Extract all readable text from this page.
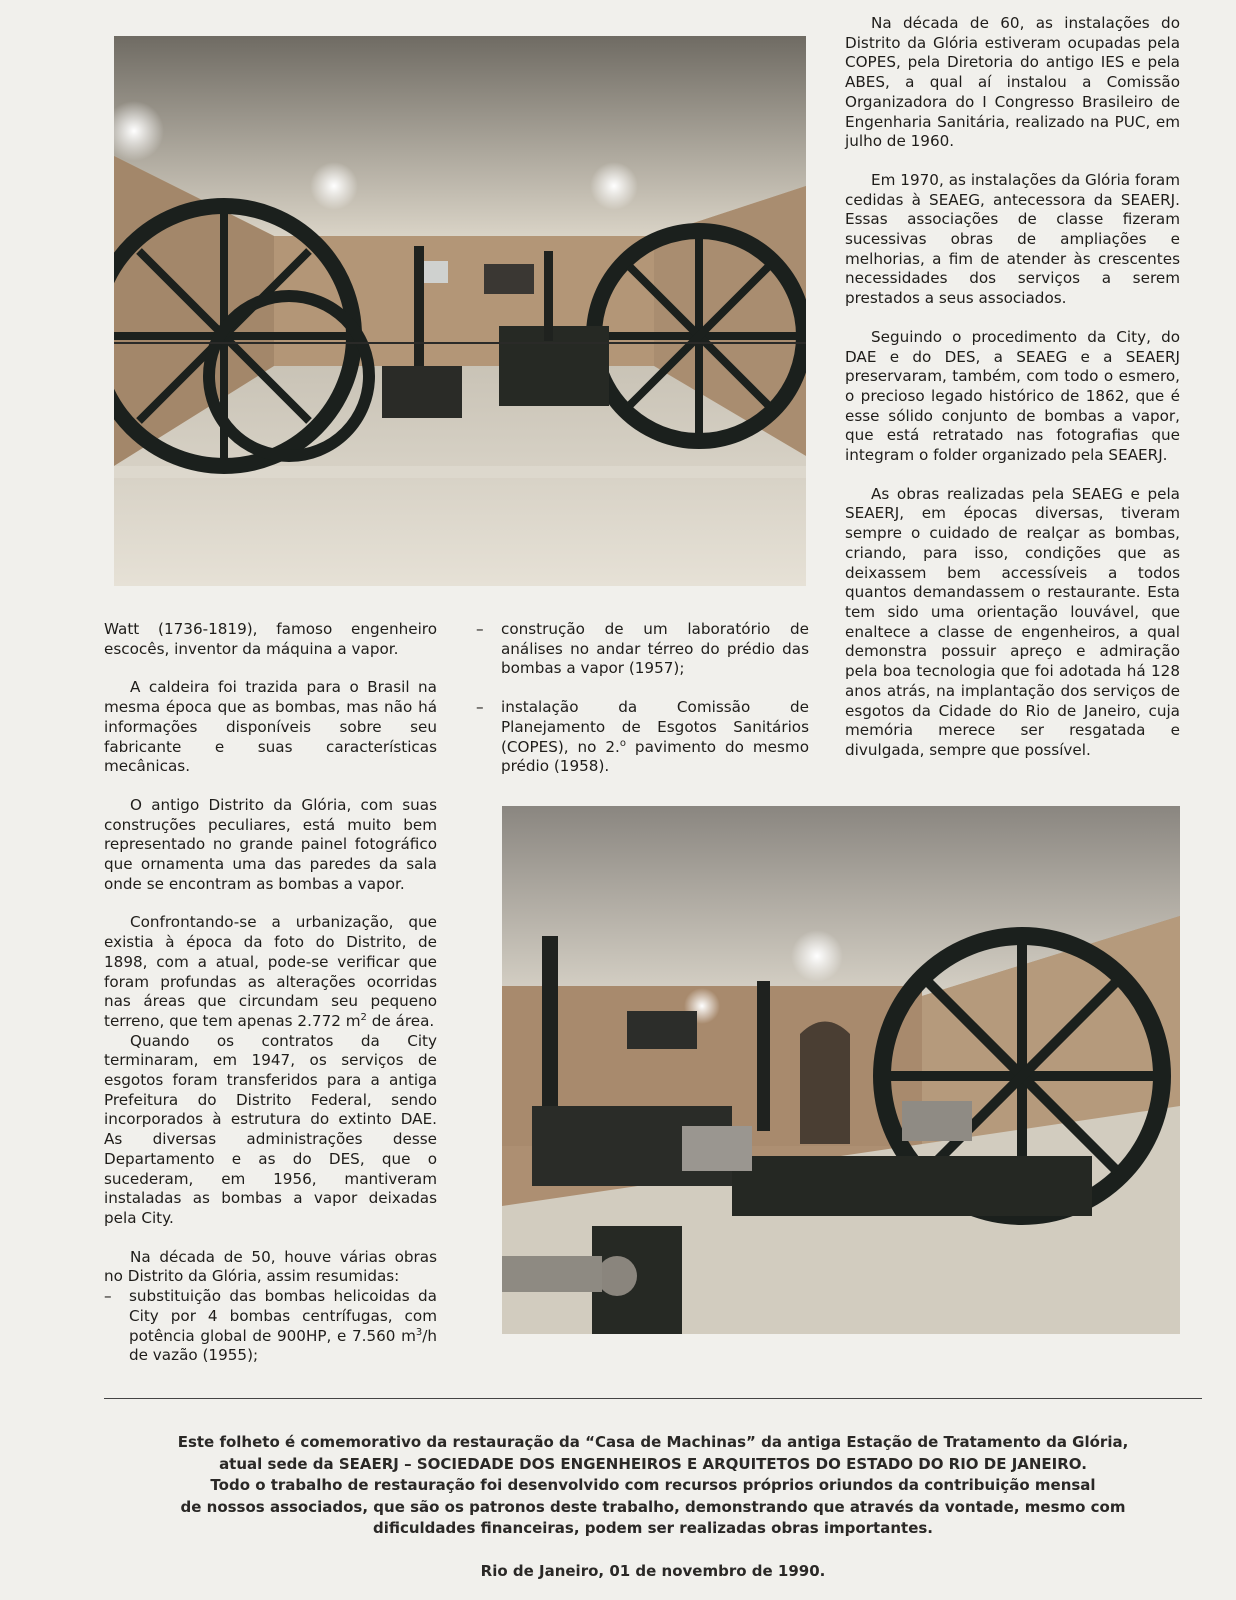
Na década de 60, as instalações do Distrito da Glória estiveram ocupadas pela COPES, pela Diretoria do antigo IES e pela ABES, a qual aí instalou a Comissão Organizadora do I Congresso Brasileiro de Engenharia Sanitária, realizado na PUC, em julho de 1960.

Em 1970, as instalações da Glória foram cedidas à SEAEG, antecessora da SEAERJ. Essas associações de classe fizeram sucessivas obras de ampliações e melhorias, a fim de atender às crescentes necessidades dos serviços a serem prestados a seus associados.

Seguindo o procedimento da City, do DAE e do DES, a SEAEG e a SEAERJ preservaram, também, com todo o esmero, o precioso legado histórico de 1862, que é esse sólido conjunto de bombas a vapor, que está retratado nas fotografias que integram o folder organizado pela SEAERJ.

As obras realizadas pela SEAEG e pela SEAERJ, em épocas diversas, tiveram sempre o cuidado de realçar as bombas, criando, para isso, condições que as deixassem bem accessíveis a todos quantos demandassem o restaurante. Esta tem sido uma orientação louvável, que enaltece a classe de engenheiros, a qual demonstra possuir apreço e admiração pela boa tecnologia que foi adotada há 128 anos atrás, na implantação dos serviços de esgotos da Cidade do Rio de Janeiro, cuja memória merece ser resgatada e divulgada, sempre que possível.

Watt (1736-1819), famoso engenheiro escocês, inventor da máquina a vapor.

A caldeira foi trazida para o Brasil na mesma época que as bombas, mas não há informações disponíveis sobre seu fabricante e suas características mecânicas.

O antigo Distrito da Glória, com suas construções peculiares, está muito bem representado no grande painel fotográfico que ornamenta uma das paredes da sala onde se encontram as bombas a vapor.

Confrontando-se a urbanização, que existia à época da foto do Distrito, de 1898, com a atual, pode-se verificar que foram profundas as alterações ocorridas nas áreas que circundam seu pequeno terreno, que tem apenas 2.772 $m^2$ de área.

Quando os contratos da City terminaram, em 1947, os serviços de esgotos foram transferidos para a antiga Prefeitura do Distrito Federal, sendo incorporados à estrutura do extinto DAE. As diversas administrações desse Departamento e as do DES, que o sucederam, em 1956, mantiveram instaladas as bombas a vapor deixadas pela City.

Na década de 50, houve várias obras no Distrito da Glória, assim resumidas:

– substituição das bombas helicoidas da City por 4 bombas centrífugas, com potência global de 900HP, e 7.560 $m^3/h$ de vazão (1955);
– construção de um laboratório de análises no andar térreo do prédio das bombas a vapor (1957);
– instalação da Comissão de Planejamento de Esgotos Sanitários (COPES), no 2.$^o$ pavimento do mesmo prédio (1958).
Este folheto é comemorativo da restauração da “Casa de Machinas” da antiga Estação de Tratamento da Glória,
atual sede da SEAERJ – SOCIEDADE DOS ENGENHEIROS E ARQUITETOS DO ESTADO DO RIO DE JANEIRO.
Todo o trabalho de restauração foi desenvolvido com recursos próprios oriundos da contribuição mensal
de nossos associados, que são os patronos deste trabalho, demonstrando que através da vontade, mesmo com
dificuldades financeiras, podem ser realizadas obras importantes.
Rio de Janeiro, 01 de novembro de 1990.
